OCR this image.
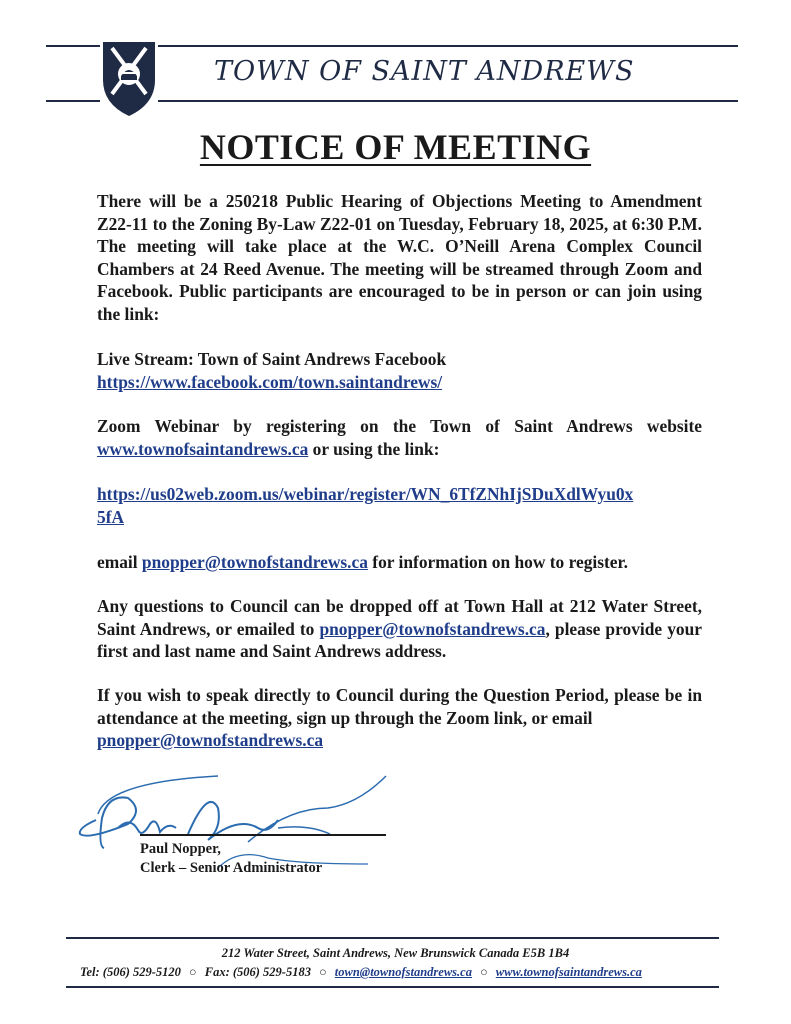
TOWN OF SAINT ANDREWS
NOTICE OF MEETING
There will be a 250218 Public Hearing of Objections Meeting to Amendment Z22-11 to the Zoning By-Law Z22-01 on Tuesday, February 18, 2025, at 6:30 P.M. The meeting will take place at the W.C. O’Neill Arena Complex Council Chambers at 24 Reed Avenue. The meeting will be streamed through Zoom and Facebook. Public participants are encouraged to be in person or can join using the link:
Live Stream: Town of Saint Andrews Facebook
https://www.facebook.com/town.saintandrews/
Zoom Webinar by registering on the Town of Saint Andrews website www.townofsaintandrews.ca or using the link:
https://us02web.zoom.us/webinar/register/WN_6TfZNhIjSDuXdlWyu0x
5fA
email pnopper@townofstandrews.ca for information on how to register.
Any questions to Council can be dropped off at Town Hall at 212 Water Street, Saint Andrews, or emailed to pnopper@townofstandrews.ca, please provide your first and last name and Saint Andrews address.
If you wish to speak directly to Council during the Question Period, please be in attendance at the meeting, sign up through the Zoom link, or email
pnopper@townofstandrews.ca
Paul Nopper,
Clerk – Senior Administrator
212 Water Street, Saint Andrews, New Brunswick Canada E5B 1B4
Tel: (506) 529-5120 ○ Fax: (506) 529-5183 ○ town@townofstandrews.ca ○ www.townofsaintandrews.ca
